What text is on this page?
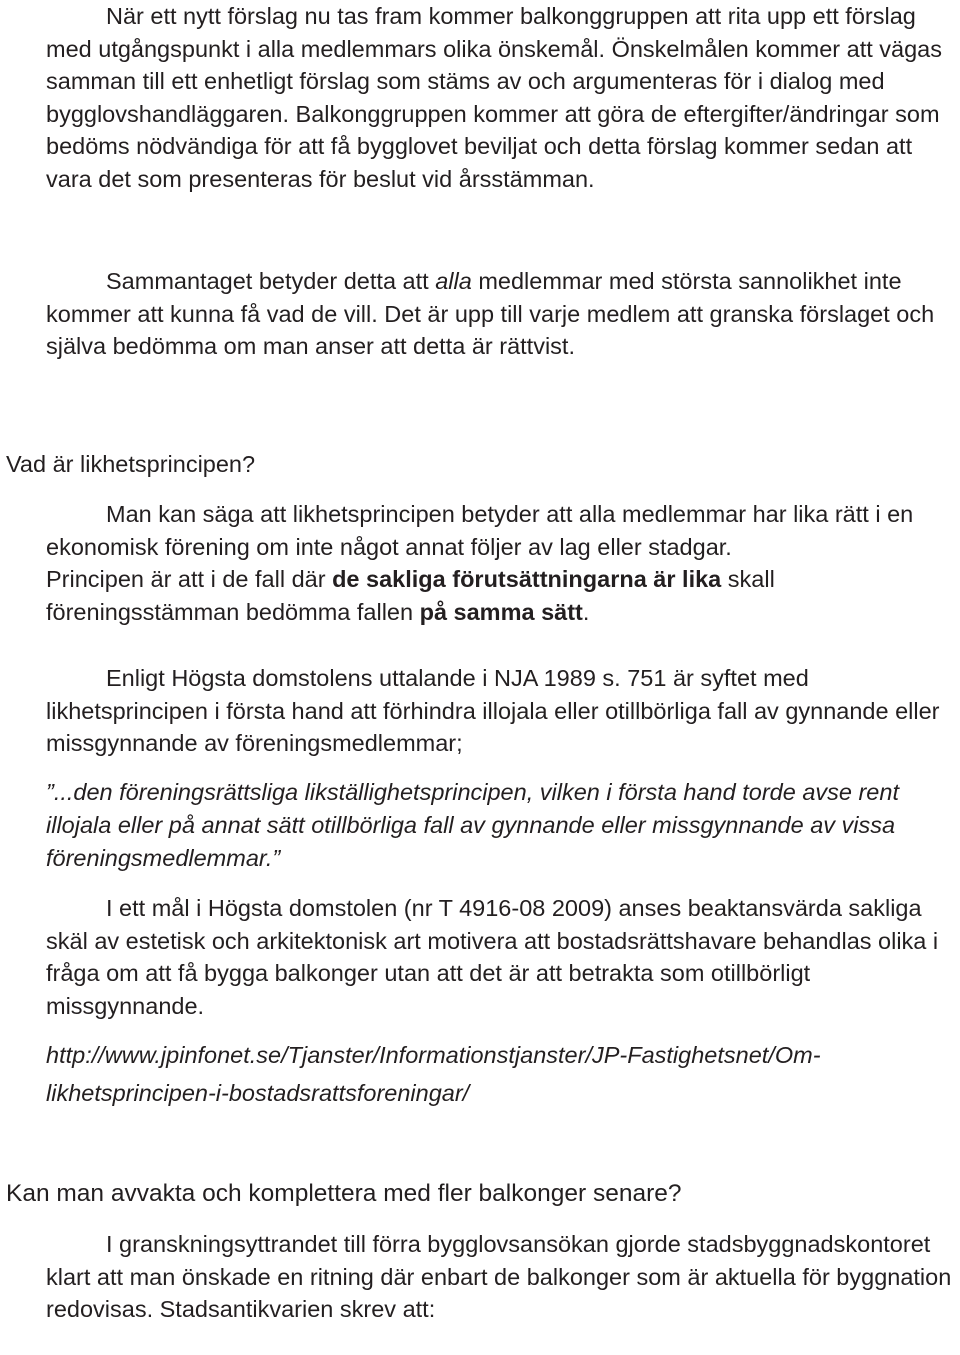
När ett nytt förslag nu tas fram kommer balkonggruppen att rita upp ett förslag med utgångspunkt i alla medlemmars olika önskemål. Önskelmålen kommer att vägas samman till ett enhetligt förslag som stäms av och argumenteras för i dialog med bygglovshandläggaren. Balkonggruppen kommer att göra de eftergifter/ändringar som bedöms nödvändiga för att få bygglovet beviljat och detta förslag kommer sedan att vara det som presenteras för beslut vid årsstämman.

Sammantaget betyder detta att alla medlemmar med största sannolikhet inte kommer att kunna få vad de vill. Det är upp till varje medlem att granska förslaget och själva bedömma om man anser att detta är rättvist.

Vad är likhetsprincipen?

Man kan säga att likhetsprincipen betyder att alla medlemmar har lika rätt i en ekonomisk förening om inte något annat följer av lag eller stadgar.

Principen är att i de fall där de sakliga förutsättningarna är lika skall föreningsstämman bedömma fallen på samma sätt.

Enligt Högsta domstolens uttalande i NJA 1989 s. 751 är syftet med likhetsprincipen i första hand att förhindra illojala eller otillbörliga fall av gynnande eller missgynnande av föreningsmedlemmar;

”...den föreningsrättsliga likställighetsprincipen, vilken i första hand torde avse rent illojala eller på annat sätt otillbörliga fall av gynnande eller missgynnande av vissa föreningsmedlemmar.”

I ett mål i Högsta domstolen (nr T 4916-08 2009) anses beaktansvärda sakliga skäl av estetisk och arkitektonisk art motivera att bostadsrättshavare behandlas olika i fråga om att få bygga balkonger utan att det är att betrakta som otillbörligt missgynnande.

http://www.jpinfonet.se/Tjanster/Informationstjanster/JP-Fastighetsnet/Om-
likhetsprincipen-i-bostadsrattsforeningar/

Kan man avvakta och komplettera med fler balkonger senare?

I granskningsyttrandet till förra bygglovsansökan gjorde stadsbyggnadskontoret klart att man önskade en ritning där enbart de balkonger som är aktuella för byggnation redovisas. Stadsantikvarien skrev att:
